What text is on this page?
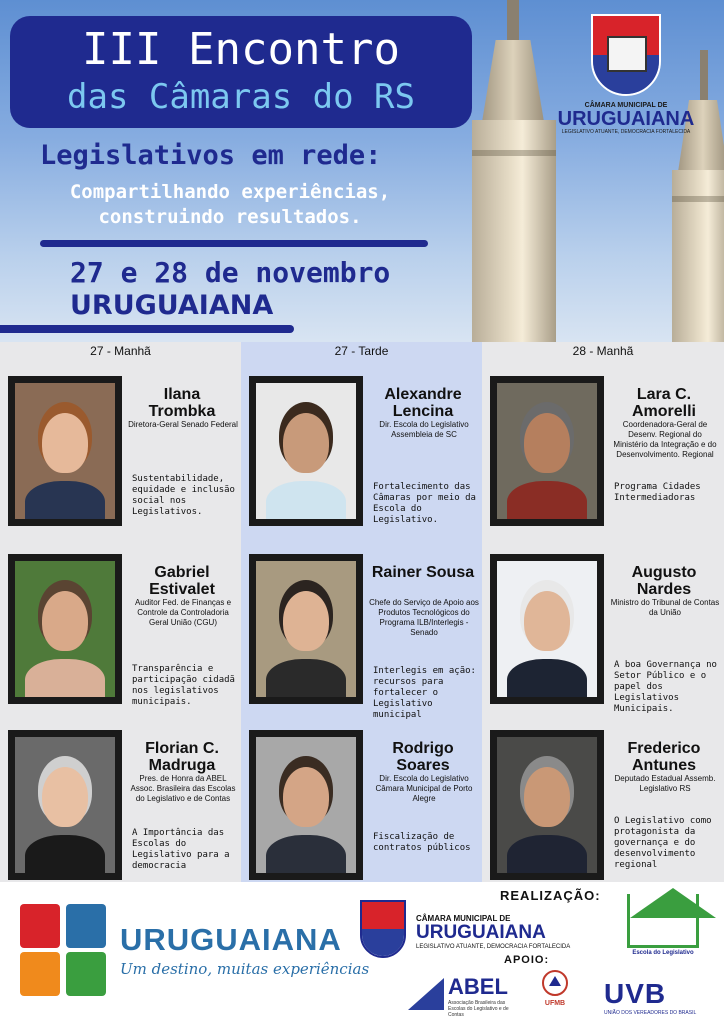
III Encontro
das Câmaras do RS
Legislativos em rede:
Compartilhando experiências,
construindo resultados.
27 e 28 de novembro
URUGUAIANA
CÂMARA MUNICIPAL DE
URUGUAIANA
LEGISLATIVO ATUANTE, DEMOCRACIA FORTALECIDA
27 - Manhã
Ilana Trombka
Diretora-Geral Senado Federal
Sustentabilidade, equidade e inclusão social nos Legislativos.
Gabriel Estivalet
Auditor Fed. de Finanças e Controle da Controladoria Geral União (CGU)
Transparência e participação cidadã nos legislativos municipais.
Florian C. Madruga
Pres. de Honra da ABEL Assoc. Brasileira das Escolas do Legislativo e de Contas
A Importância das Escolas do Legislativo para a democracia
27 - Tarde
Alexandre Lencina
Dir. Escola do Legislativo Assembleia de SC
Fortalecimento das Câmaras por meio da Escola do Legislativo.
Rainer Sousa
Chefe do Serviço de Apoio aos Produtos Tecnológicos do Programa ILB/Interlegis - Senado
Interlegis em ação: recursos para fortalecer o Legislativo municipal
Rodrigo Soares
Dir. Escola do Legislativo Câmara Municipal de Porto Alegre
Fiscalização de contratos públicos
28 - Manhã
Lara C. Amorelli
Coordenadora-Geral de Desenv. Regional do Ministério da Integração e do Desenvolvimento. Regional
Programa Cidades Intermediadoras
Augusto Nardes
Ministro do Tribunal de Contas da União
A boa Governança no Setor Público e o papel dos Legislativos Municipais.
Frederico Antunes
Deputado Estadual Assemb. Legislativo RS
O Legislativo como protagonista da governança e do desenvolvimento regional
URUGUAIANA
Um destino, muitas experiências
REALIZAÇÃO:
CÂMARA MUNICIPAL DE
URUGUAIANA
LEGISLATIVO ATUANTE, DEMOCRACIA FORTALECIDA
Escola do Legislativo
APOIO:
ABEL
Associação Brasileira das Escolas do Legislativo e de Contas
UFMB	UVB
UNIÃO DOS VEREADORES DO BRASIL
